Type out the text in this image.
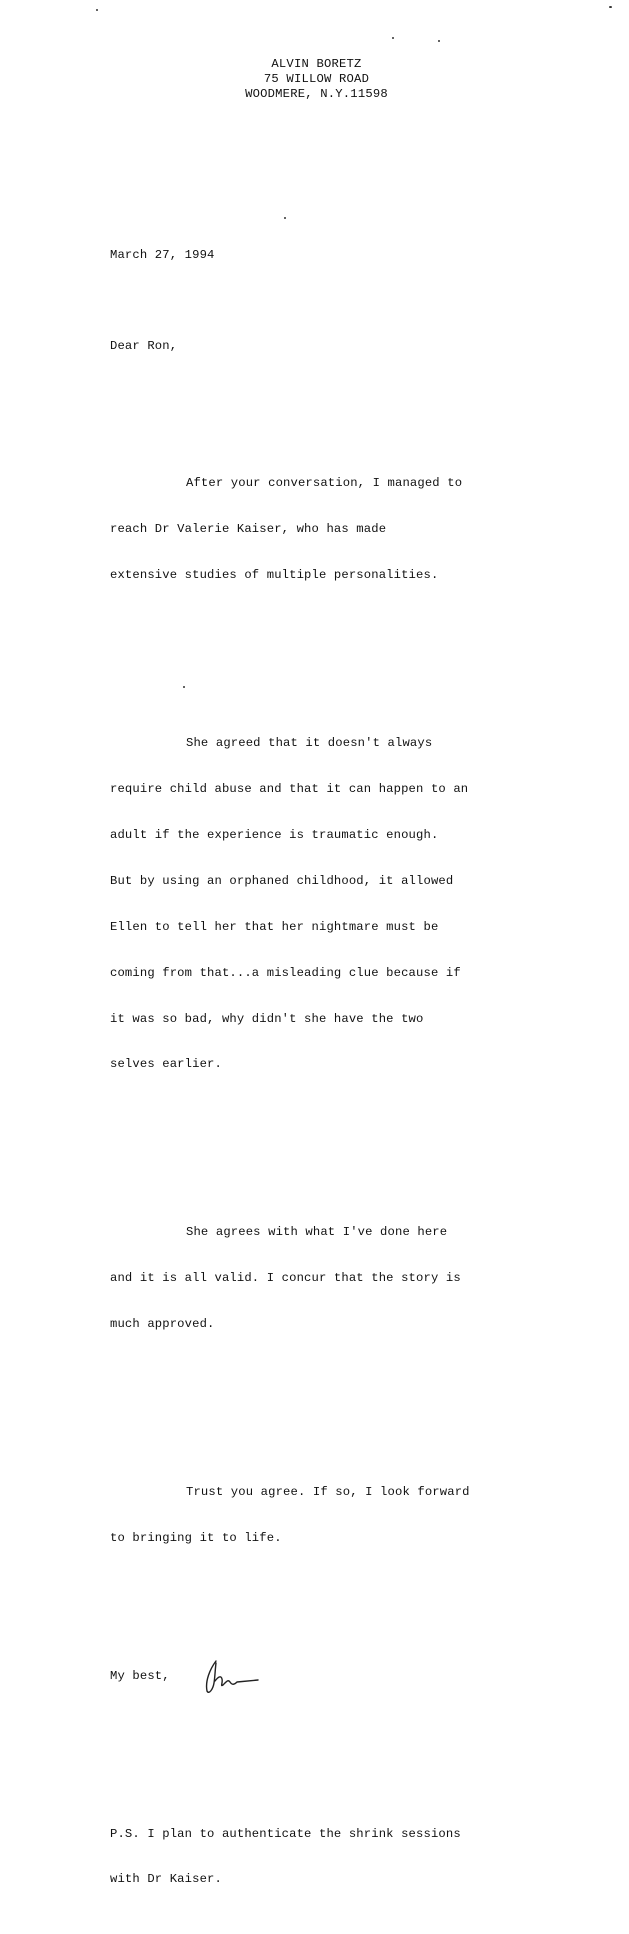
ALVIN BORETZ
75 WILLOW ROAD
WOODMERE, N.Y.11598

March 27, 1994

Dear Ron,

After your conversation, I managed to

reach Dr Valerie Kaiser, who has made

extensive studies of multiple personalities.

She agreed that it doesn't always

require child abuse and that it can happen to an

adult if the experience is traumatic enough.

But by using an orphaned childhood, it allowed

Ellen to tell her that her nightmare must be

coming from that...a misleading clue because if

it was so bad, why didn't she have the two

selves earlier.

She agrees with what I've done here

and it is all valid. I concur that the story is

much approved.

Trust you agree. If so, I look forward

to bringing it to life.

My best,

P.S. I plan to authenticate the shrink sessions

with Dr Kaiser.
